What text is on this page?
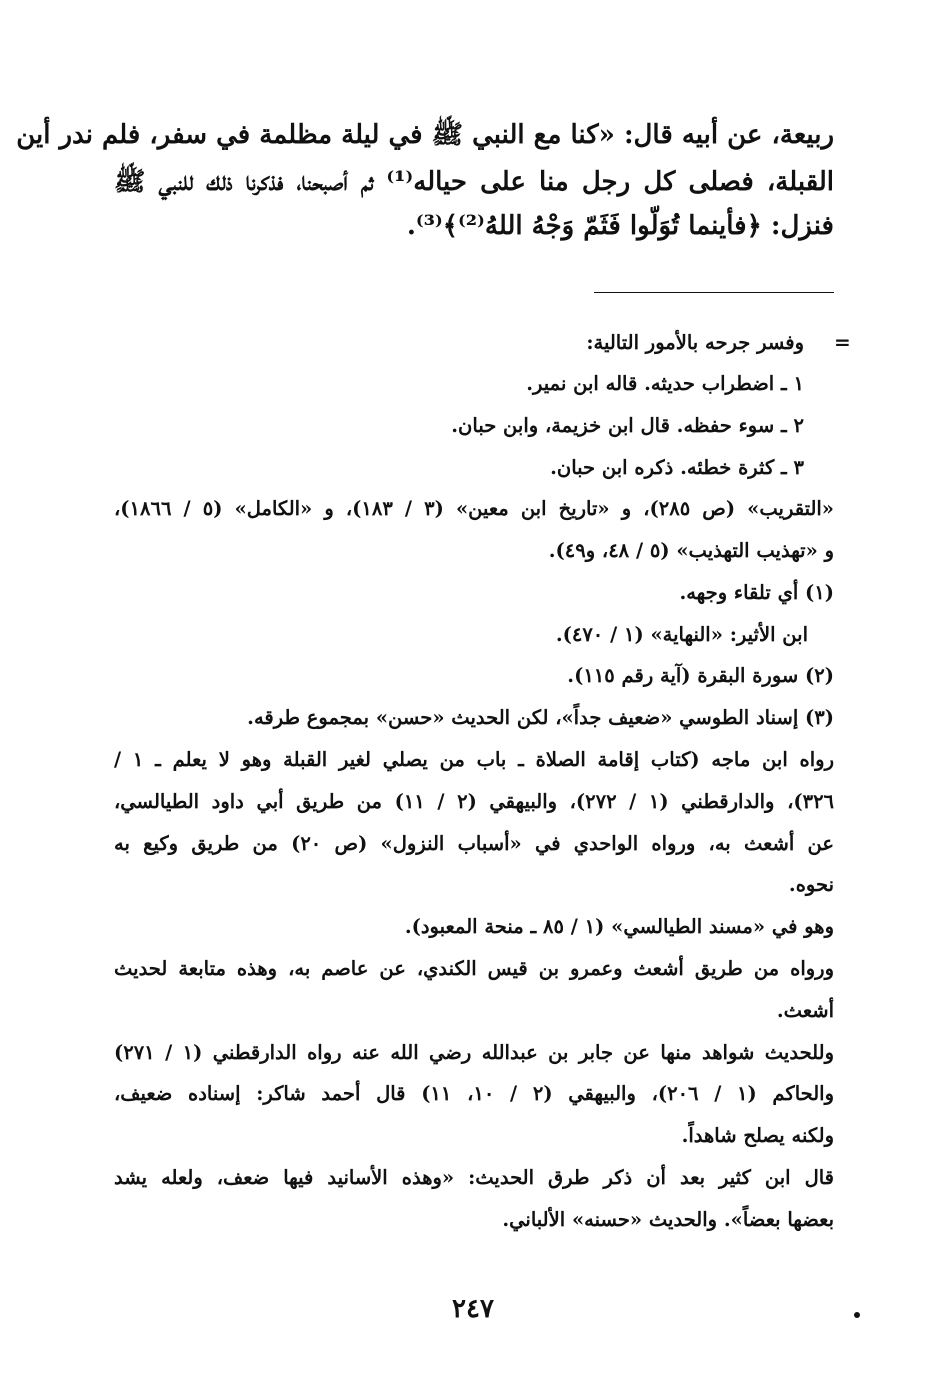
ربيعة، عن أبيه قال: «كنا مع النبي ﷺ في ليلة مظلمة في سفر، فلم ندر أين
القبلة، فصلى كل رجل منا على حياله⁽¹⁾ ثم أصبحنا، فذكرنا ذلك للنبي ﷺ
فنزل: ﴿فأينما تُوَلّوا فَثَمّ وَجْهُ اللهُ⁽²⁾﴾⁽³⁾.
=
وفسر جرحه بالأمور التالية:
١ ـ اضطراب حديثه. قاله ابن نمير.
٢ ـ سوء حفظه. قال ابن خزيمة، وابن حبان.
٣ ـ كثرة خطئه. ذكره ابن حبان.
«التقريب» (ص ٢٨٥)، و «تاريخ ابن معين» (٣ / ١٨٣)، و «الكامل» (٥ / ١٨٦٦)،
و «تهذيب التهذيب» (٥ / ٤٨، و٤٩).
(١) أي تلقاء وجهه.
ابن الأثير: «النهاية» (١ / ٤٧٠).
(٢) سورة البقرة (آية رقم ١١٥).
(٣) إسناد الطوسي «ضعيف جداً»، لكن الحديث «حسن» بمجموع طرقه.
رواه ابن ماجه (كتاب إقامة الصلاة ـ باب من يصلي لغير القبلة وهو لا يعلم ـ ١ /
٣٢٦)، والدارقطني (١ / ٢٧٢)، والبيهقي (٢ / ١١) من طريق أبي داود الطيالسي،
عن أشعث به، ورواه الواحدي في «أسباب النزول» (ص ٢٠) من طريق وكيع به
نحوه.
وهو في «مسند الطيالسي» (١ / ٨٥ ـ منحة المعبود).
ورواه من طريق أشعث وعمرو بن قيس الكندي، عن عاصم به، وهذه متابعة لحديث
أشعث.
وللحديث شواهد منها عن جابر بن عبدالله رضي الله عنه رواه الدارقطني (١ / ٢٧١)
والحاكم (١ / ٢٠٦)، والبيهقي (٢ / ١٠، ١١) قال أحمد شاكر: إسناده ضعيف،
ولكنه يصلح شاهداً.
قال ابن كثير بعد أن ذكر طرق الحديث: «وهذه الأسانيد فيها ضعف، ولعله يشد
بعضها بعضاً». والحديث «حسنه» الألباني.
٢٤٧
